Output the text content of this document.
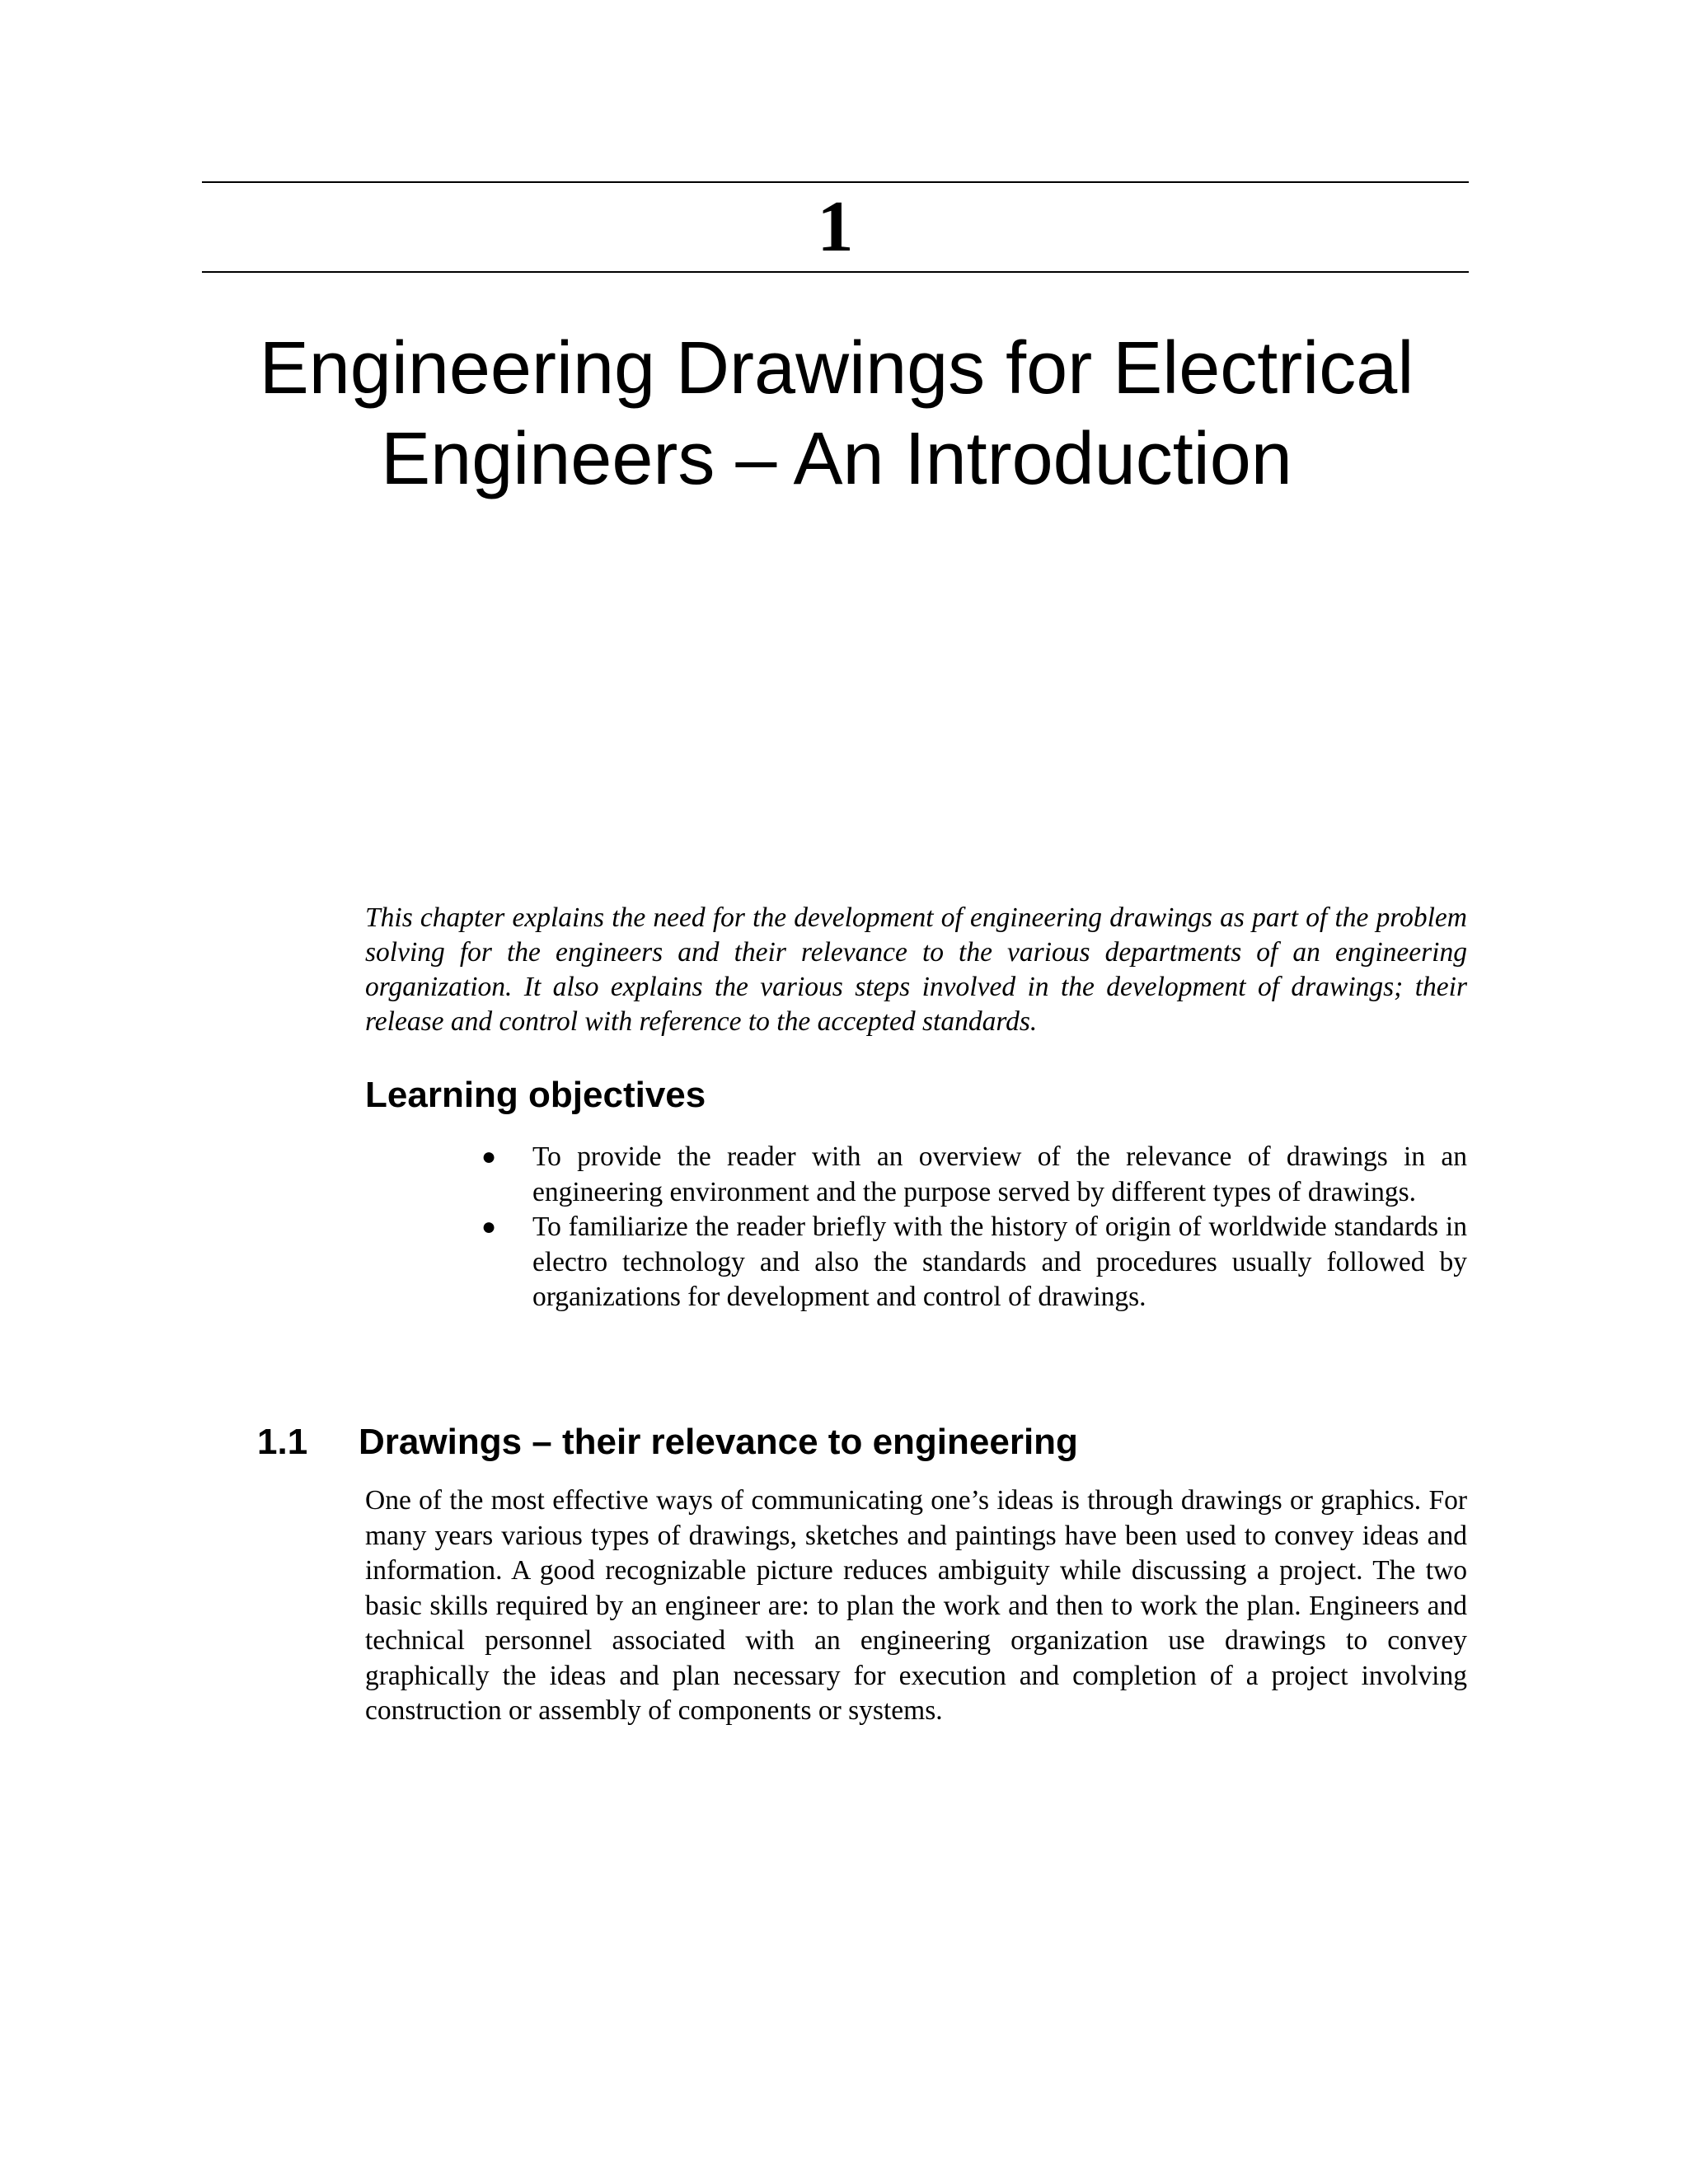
1
Engineering Drawings for Electrical
Engineers – An Introduction

This chapter explains the need for the development of engineering drawings as part of the problem solving for the engineers and their relevance to the various departments of an engineering organization. It also explains the various steps involved in the development of drawings; their release and control with reference to the accepted standards.

Learning objectives
● To provide the reader with an overview of the relevance of drawings in an engineering environment and the purpose served by different types of drawings.
● To familiarize the reader briefly with the history of origin of worldwide standards in electro technology and also the standards and procedures usually followed by organizations for development and control of drawings.
1.1 Drawings – their relevance to engineering

One of the most effective ways of communicating one’s ideas is through drawings or graphics. For many years various types of drawings, sketches and paintings have been used to convey ideas and information. A good recognizable picture reduces ambiguity while discussing a project. The two basic skills required by an engineer are: to plan the work and then to work the plan. Engineers and technical personnel associated with an engineering organization use drawings to convey graphically the ideas and plan necessary for execution and completion of a project involving construction or assembly of components or systems.
